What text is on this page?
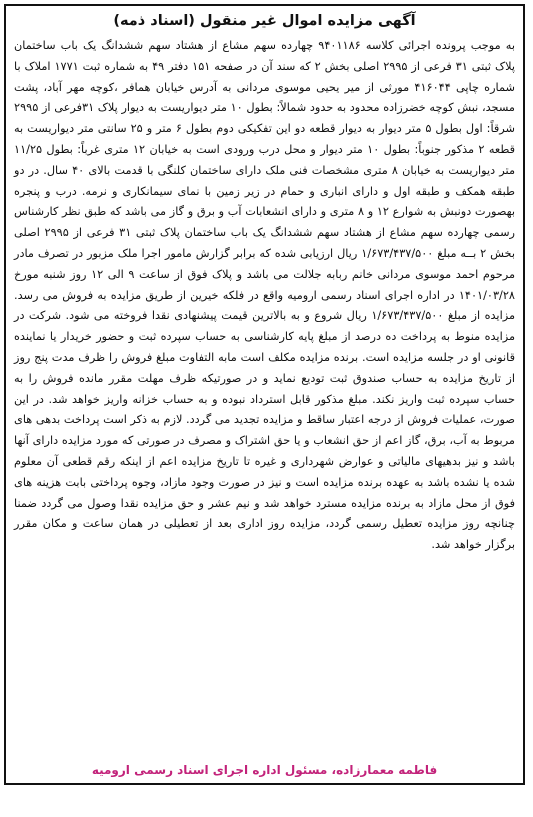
آگهی مزایده اموال غیر منقول (اسناد ذمه)
به موجب پرونده اجرائی کلاسه ۹۴۰۱۱۸۶ چهارده سهم مشاع از هشتاد سهم ششدانگ یک باب ساختمان پلاک ثبتی ۳۱ فرعی از ۲۹۹۵ اصلی بخش ۲ که سند آن در صفحه ۱۵۱ دفتر ۴۹ به شماره ثبت ۱۷۷۱ املاک با شماره چاپی ۴۱۶۰۴۴ مورثی از میر یحیی موسوی مردانی به آدرس خیابان همافر ،کوچه مهر آباد، پشت مسجد، نبش کوچه خضرزاده محدود به حدود شمالاً: بطول ۱۰ متر دیواریست به دیوار پلاک ۳۱فرعی از ۲۹۹۵ شرقاً: اول بطول ۵ متر دیوار به دیوار قطعه دو این تفکیکی دوم بطول ۶ متر و ۲۵ سانتی متر دیواریست به قطعه ۲ مذکور جنوباً: بطول ۱۰ متر دیوار و محل درب ورودی است به خیابان ۱۲ متری غرباً: بطول ۱۱/۲۵ متر دیواریست به خیابان ۸ متری مشخصات فنی ملک دارای ساختمان کلنگی با قدمت بالای ۴۰ سال. در دو طبقه همکف و طبقه اول و دارای انباری و حمام در زیر زمین با نمای سیمانکاری و نرمه. درب و پنجره بهصورت دونبش به شوارع ۱۲ و ۸ متری و دارای انشعابات آب و برق و گاز می باشد که طبق نظر کارشناس رسمی چهارده سهم مشاع از هشتاد سهم ششدانگ یک باب ساختمان پلاک ثبتی ۳۱ فرعی از ۲۹۹۵ اصلی بخش ۲ بــه مبلغ ۱/۶۷۳/۴۳۷/۵۰۰ ریال ارزیابی شده که برابر گزارش مامور اجرا ملک مزبور در تصرف مادر مرحوم احمد موسوی مردانی خانم ربابه جلالت می باشد و پلاک فوق از ساعت ۹ الی ۱۲ روز شنبه مورخ ۱۴۰۱/۰۳/۲۸ در اداره اجرای اسناد رسمی ارومیه واقع در فلکه خیرین از طریق مزایده به فروش می رسد. مزایده از مبلغ ۱/۶۷۳/۴۳۷/۵۰۰ ریال شروع و به بالاترین قیمت پیشنهادی نقدا فروخته می شود. شرکت در مزایده منوط به پرداخت ده درصد از مبلغ پایه کارشناسی به حساب سپرده ثبت و حضور خریدار یا نماینده قانونی او در جلسه مزایده است. برنده مزایده مکلف است مابه التفاوت مبلغ فروش را ظرف مدت پنج روز از تاریخ مزایده به حساب صندوق ثبت تودیع نماید و در صورتیکه ظرف مهلت مقرر مانده فروش را به حساب سپرده ثبت واریز نکند. مبلغ مذکور قابل استرداد نبوده و به حساب خزانه واریز خواهد شد. در این صورت، عملیات فروش از درجه اعتبار ساقط و مزایده تجدید می گردد. لازم به ذکر است پرداخت بدهی های مربوط به آب، برق، گاز اعم از حق انشعاب و یا حق اشتراک و مصرف در صورتی که مورد مزایده دارای آنها باشد و نیز بدهیهای مالیاتی و عوارض شهرداری و غیره تا تاریخ مزایده اعم از اینکه رقم قطعی آن معلوم شده یا نشده باشد به عهده برنده مزایده است و نیز در صورت وجود مازاد، وجوه پرداختی بابت هزینه های فوق از محل مازاد به برنده مزایده مسترد خواهد شد و نیم عشر و حق مزایده نقدا وصول می گردد ضمنا چنانچه روز مزایده تعطیل رسمی گردد، مزایده روز اداری بعد از تعطیلی در همان ساعت و مکان مقرر برگزار خواهد شد.
فاطمه معمارزاده، مسئول اداره اجرای اسناد رسمی ارومیه
